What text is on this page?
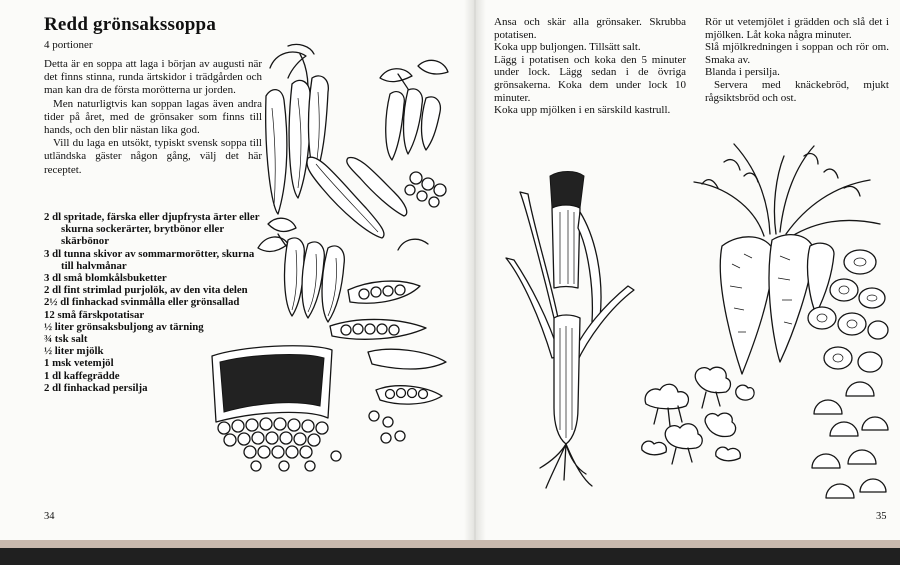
Redd grönsakssoppa
4 portioner

Detta är en soppa att laga i början av augusti när det finns stinna, runda ärtskidor i trädgården och man kan dra de första morötterna ur jorden.

Men naturligtvis kan soppan lagas även andra tider på året, med de grönsaker som finns till hands, och den blir nästan lika god.

Vill du laga en utsökt, typiskt svensk soppa till utländska gäster någon gång, välj det här receptet.

2 dl spritade, färska eller djupfrysta ärter eller
skurna sockerärter, brytbönor eller skärbönor
3 dl tunna skivor av sommarmorötter, skurna till halvmånar
3 dl små blomkålsbuketter
2 dl fint strimlad purjolök, av den vita delen
2½ dl finhackad svinmålla eller grönsallad
12 små färskpotatisar
½ liter grönsaksbuljong av tärning
¾ tsk salt
½ liter mjölk
1 msk vetemjöl
1 dl kaffegrädde
2 dl finhackad persilja
34

Ansa och skär alla grönsaker. Skrubba potatisen.

Koka upp buljongen. Tillsätt salt.

Lägg i potatisen och koka den 5 minuter under lock. Lägg sedan i de övriga grönsakerna. Koka dem under lock 10 minuter.

Koka upp mjölken i en särskild kastrull.

Rör ut vetemjölet i grädden och slå det i mjölken. Låt koka några minuter.

Slå mjölkredningen i soppan och rör om. Smaka av.

Blanda i persilja.

Servera med knäckebröd, mjukt rågsiktsbröd och ost.

35
